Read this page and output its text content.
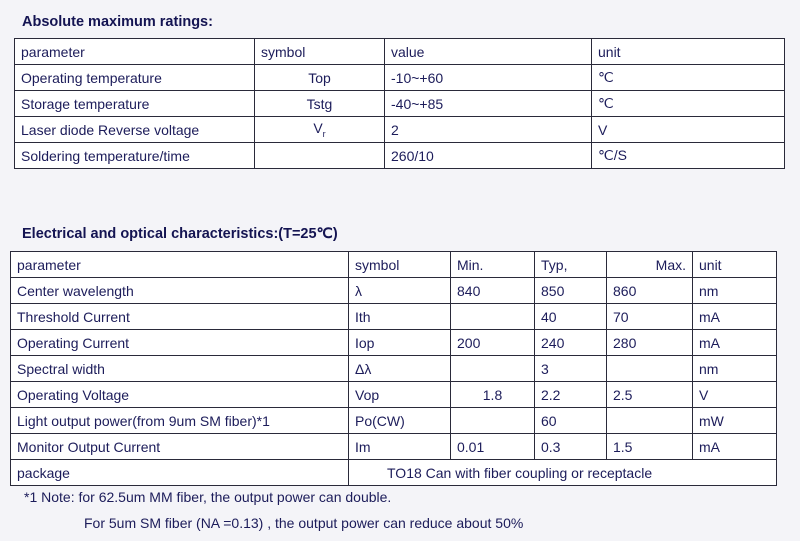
Absolute maximum ratings:
parameter	symbol	value	unit
Operating temperature	Top	-10~+60	℃
Storage temperature	Tstg	-40~+85	℃
Laser diode Reverse voltage	$V_r$	2	V
Soldering temperature/time		260/10	℃/S
Electrical and optical characteristics:(T=25℃)
parameter	symbol	Min.	Typ,	Max.	unit
Center wavelength	λ	840	850	860	nm
Threshold Current	Ith		40	70	mA
Operating Current	Iop	200	240	280	mA
Spectral width	Δλ		3		nm
Operating Voltage	Vop	1.8	2.2	2.5	V
Light output power(from 9um SM fiber)*1	Po(CW)		60		mW
Monitor Output Current	Im	0.01	0.3	1.5	mA
package	TO18 Can with fiber coupling or receptacle				
*1 Note: for 62.5um MM fiber, the output power can double.
For 5um SM fiber (NA =0.13) , the output power can reduce about 50%
